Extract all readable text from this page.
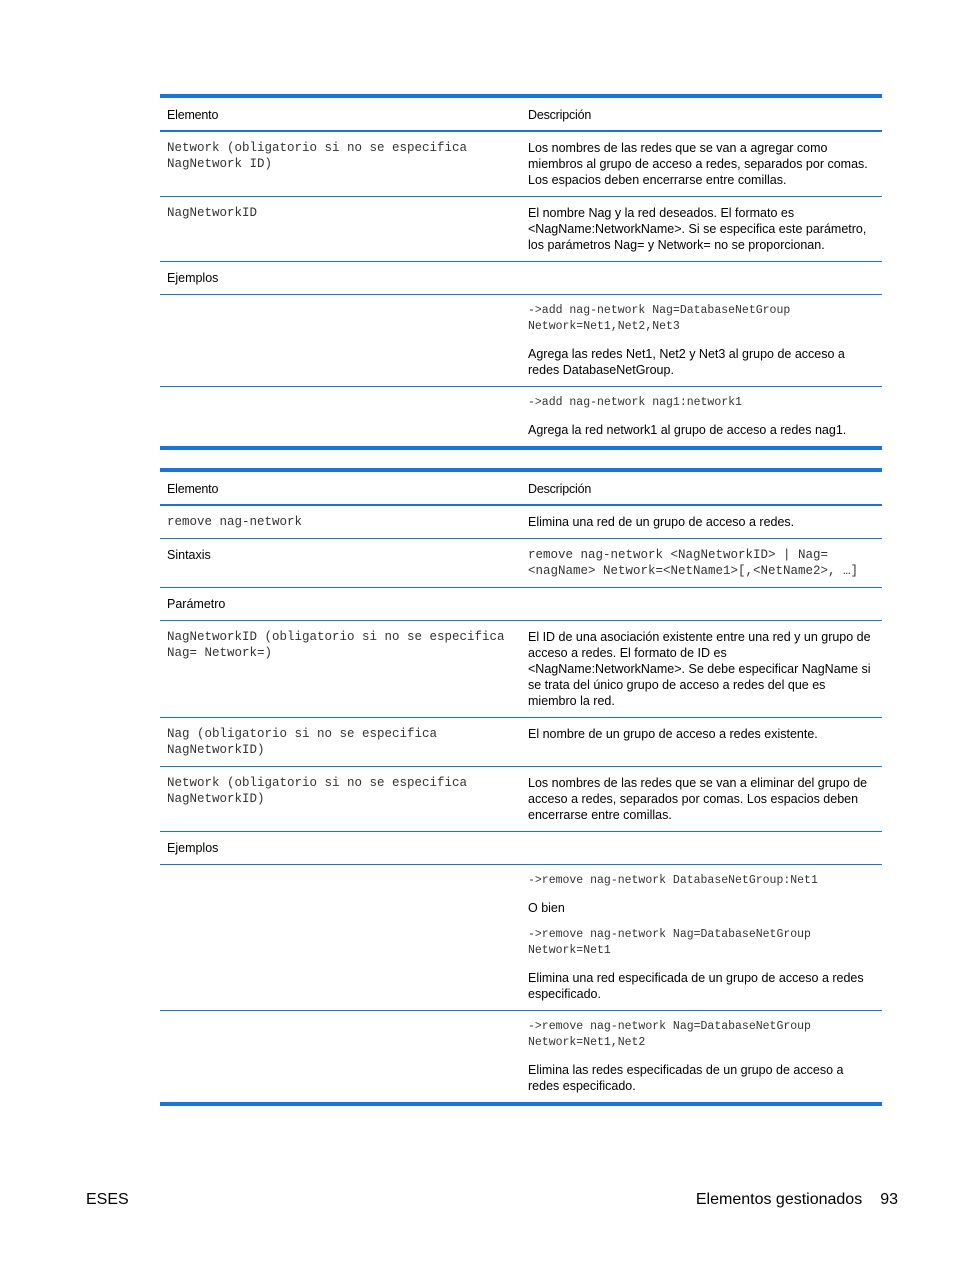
Elemento	Descripción
Network (obligatorio si no se especifica NagNetwork ID)	Los nombres de las redes que se van a agregar como miembros al grupo de acceso a redes, separados por comas. Los espacios deben encerrarse entre comillas.
NagNetworkID	El nombre Nag y la red deseados. El formato es <NagName:NetworkName>. Si se especifica este parámetro, los parámetros Nag= y Network= no se proporcionan.
Ejemplos	

	->add nag-network Nag=DatabaseNetGroup Network=Net1,Net2,Net3
Agrega las redes Net1, Net2 y Net3 al grupo de acceso a redes DatabaseNetGroup.

	->add nag-network nag1:network1
Agrega la red network1 al grupo de acceso a redes nag1.
Elemento	Descripción
remove nag-network	Elimina una red de un grupo de acceso a redes.
Sintaxis	remove nag-network <NagNetworkID> | Nag=<nagName> Network=<NetName1>[,<NetName2>, …]
Parámetro	
NagNetworkID (obligatorio si no se especifica Nag= Network=)	El ID de una asociación existente entre una red y un grupo de acceso a redes. El formato de ID es <NagName:NetworkName>. Se debe especificar NagName si se trata del único grupo de acceso a redes del que es miembro la red.
Nag (obligatorio si no se especifica NagNetworkID)	El nombre de un grupo de acceso a redes existente.
Network (obligatorio si no se especifica NagNetworkID)	Los nombres de las redes que se van a eliminar del grupo de acceso a redes, separados por comas. Los espacios deben encerrarse entre comillas.
Ejemplos	

	->remove nag-network DatabaseNetGroup:Net1
O bien
->remove nag-network Nag=DatabaseNetGroup Network=Net1
Elimina una red especificada de un grupo de acceso a redes especificado.

	->remove nag-network Nag=DatabaseNetGroup Network=Net1,Net2
Elimina las redes especificadas de un grupo de acceso a redes especificado.
ESES	Elementos gestionados 93
